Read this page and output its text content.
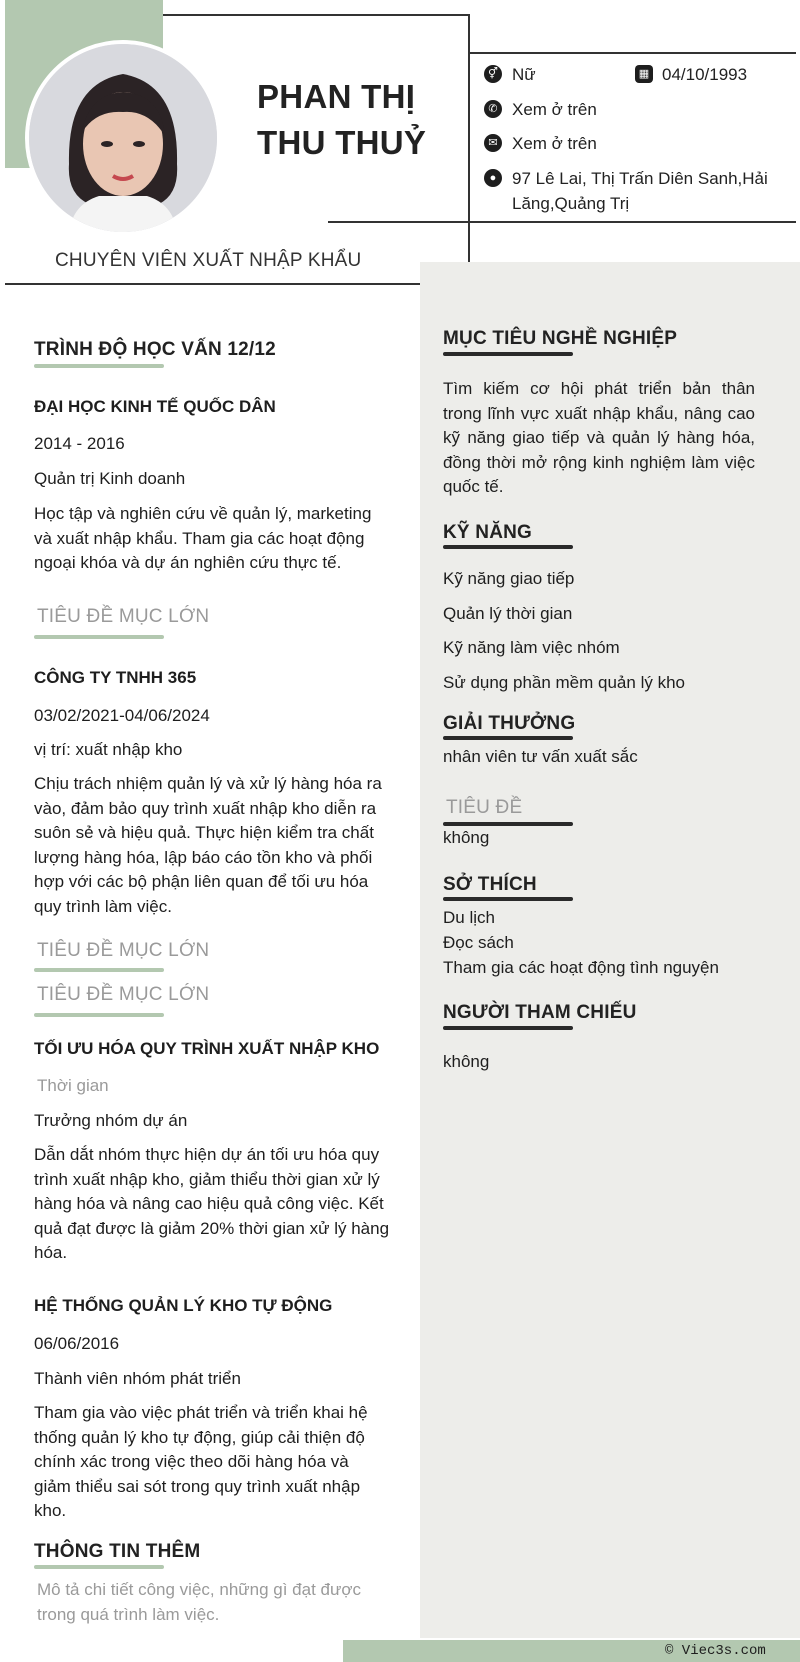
© Viec3s.com
PHAN THỊ
THU THUỶ
CHUYÊN VIÊN XUẤT NHẬP KHẨU
⚥ Nữ	▦ 04/10/1993
✆ Xem ở trên
✉ Xem ở trên
● 97 Lê Lai, Thị Trấn Diên Sanh,Hải
Lăng,Quảng Trị
TRÌNH ĐỘ HỌC VẤN 12/12
ĐẠI HỌC KINH TẾ QUỐC DÂN
2014 - 2016
Quản trị Kinh doanh
Học tập và nghiên cứu về quản lý, marketing
và xuất nhập khẩu. Tham gia các hoạt động
ngoại khóa và dự án nghiên cứu thực tế.
TIÊU ĐỀ MỤC LỚN
CÔNG TY TNHH 365
03/02/2021-04/06/2024
vị trí: xuất nhập kho
Chịu trách nhiệm quản lý và xử lý hàng hóa ra
vào, đảm bảo quy trình xuất nhập kho diễn ra
suôn sẻ và hiệu quả. Thực hiện kiểm tra chất
lượng hàng hóa, lập báo cáo tồn kho và phối
hợp với các bộ phận liên quan để tối ưu hóa
quy trình làm việc.
TIÊU ĐỀ MỤC LỚN
TIÊU ĐỀ MỤC LỚN
TỐI ƯU HÓA QUY TRÌNH XUẤT NHẬP KHO
Thời gian
Trưởng nhóm dự án
Dẫn dắt nhóm thực hiện dự án tối ưu hóa quy
trình xuất nhập kho, giảm thiểu thời gian xử lý
hàng hóa và nâng cao hiệu quả công việc. Kết
quả đạt được là giảm 20% thời gian xử lý hàng
hóa.
HỆ THỐNG QUẢN LÝ KHO TỰ ĐỘNG
06/06/2016
Thành viên nhóm phát triển
Tham gia vào việc phát triển và triển khai hệ
thống quản lý kho tự động, giúp cải thiện độ
chính xác trong việc theo dõi hàng hóa và
giảm thiểu sai sót trong quy trình xuất nhập
kho.
THÔNG TIN THÊM
Mô tả chi tiết công việc, những gì đạt được
trong quá trình làm việc.
MỤC TIÊU NGHỀ NGHIỆP
Tìm kiếm cơ hội phát triển bản thân
trong lĩnh vực xuất nhập khẩu, nâng cao
kỹ năng giao tiếp và quản lý hàng hóa,
đồng thời mở rộng kinh nghiệm làm việc
quốc tế.
KỸ NĂNG
Kỹ năng giao tiếp
Quản lý thời gian
Kỹ năng làm việc nhóm
Sử dụng phần mềm quản lý kho
GIẢI THƯỞNG
nhân viên tư vấn xuất sắc
TIÊU ĐỀ
không
SỞ THÍCH
Du lịch
Đọc sách
Tham gia các hoạt động tình nguyện
NGƯỜI THAM CHIẾU
không
